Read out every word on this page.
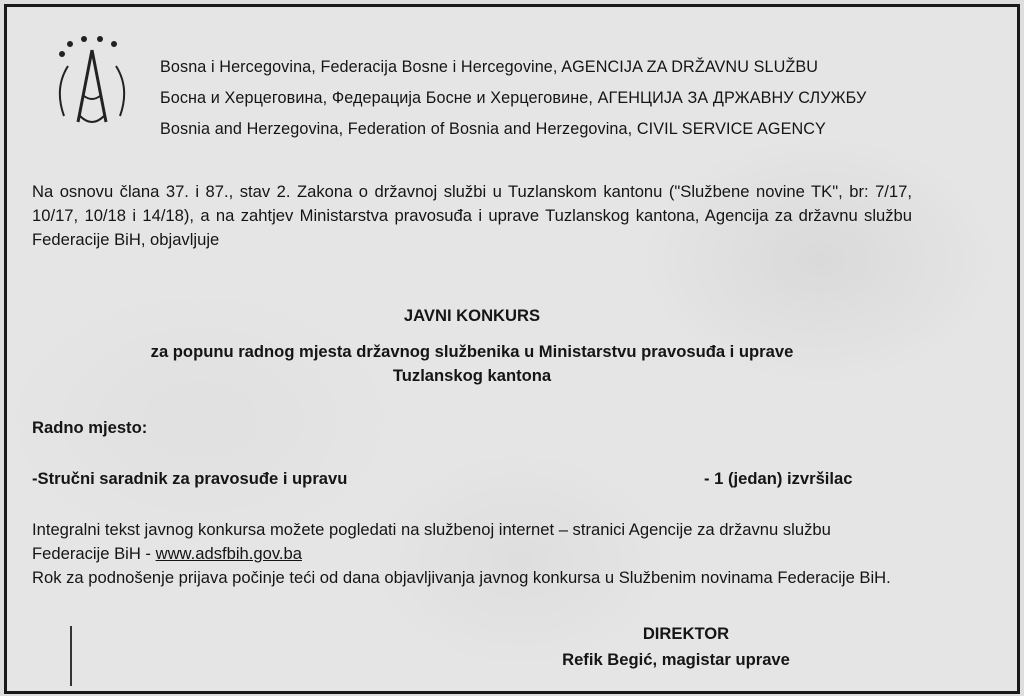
Bosna i Hercegovina, Federacija Bosne i Hercegovine, AGENCIJA ZA DRŽAVNU SLUŽBU
Босна и Херцеговина, Федерација Босне и Херцеговине, АГЕНЦИЈА ЗА ДРЖАВНУ СЛУЖБУ
Bosnia and Herzegovina, Federation of Bosnia and Herzegovina, CIVIL SERVICE AGENCY
Na osnovu člana 37. i 87., stav 2. Zakona o državnoj službi u Tuzlanskom kantonu ("Službene novine TK", br: 7/17, 10/17, 10/18 i 14/18), a na zahtjev Ministarstva pravosuđa i uprave Tuzlanskog kantona, Agencija za državnu službu Federacije BiH, objavljuje
JAVNI KONKURS
za popunu radnog mjesta državnog službenika u Ministarstvu pravosuđa i uprave
Tuzlanskog kantona
Radno mjesto:
-Stručni saradnik za pravosuđe i upravu	- 1 (jedan) izvršilac
Integralni tekst javnog konkursa možete pogledati na službenoj internet – stranici Agencije za državnu službu Federacije BiH - www.adsfbih.gov.ba
Rok za podnošenje prijava počinje teći od dana objavljivanja javnog konkursa u Službenim novinama Federacije BiH.
DIREKTOR
Refik Begić, magistar uprave
